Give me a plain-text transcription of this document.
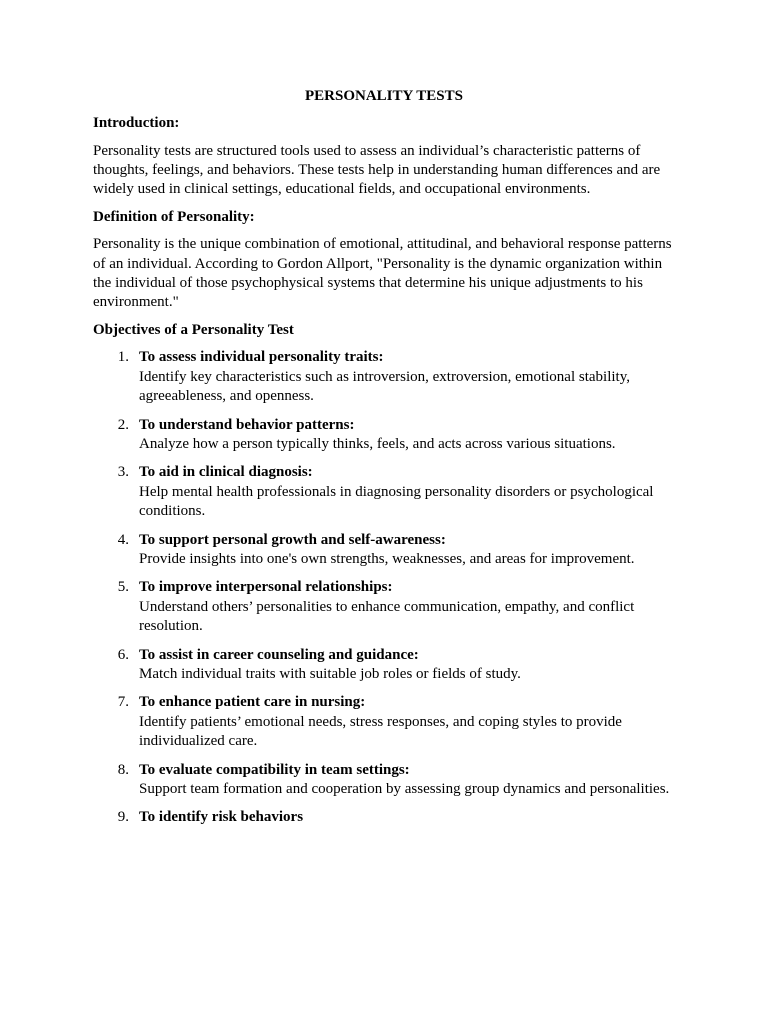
PERSONALITY TESTS
Introduction:
Personality tests are structured tools used to assess an individual’s characteristic patterns of thoughts, feelings, and behaviors. These tests help in understanding human differences and are widely used in clinical settings, educational fields, and occupational environments.
Definition of Personality:
Personality is the unique combination of emotional, attitudinal, and behavioral response patterns of an individual. According to Gordon Allport, "Personality is the dynamic organization within the individual of those psychophysical systems that determine his unique adjustments to his environment."
Objectives of a Personality Test
1. To assess individual personality traits:
Identify key characteristics such as introversion, extroversion, emotional stability, agreeableness, and openness.
2. To understand behavior patterns:
Analyze how a person typically thinks, feels, and acts across various situations.
3. To aid in clinical diagnosis:
Help mental health professionals in diagnosing personality disorders or psychological conditions.
4. To support personal growth and self-awareness:
Provide insights into one's own strengths, weaknesses, and areas for improvement.
5. To improve interpersonal relationships:
Understand others’ personalities to enhance communication, empathy, and conflict resolution.
6. To assist in career counseling and guidance:
Match individual traits with suitable job roles or fields of study.
7. To enhance patient care in nursing:
Identify patients’ emotional needs, stress responses, and coping styles to provide individualized care.
8. To evaluate compatibility in team settings:
Support team formation and cooperation by assessing group dynamics and personalities.
9. To identify risk behaviors
